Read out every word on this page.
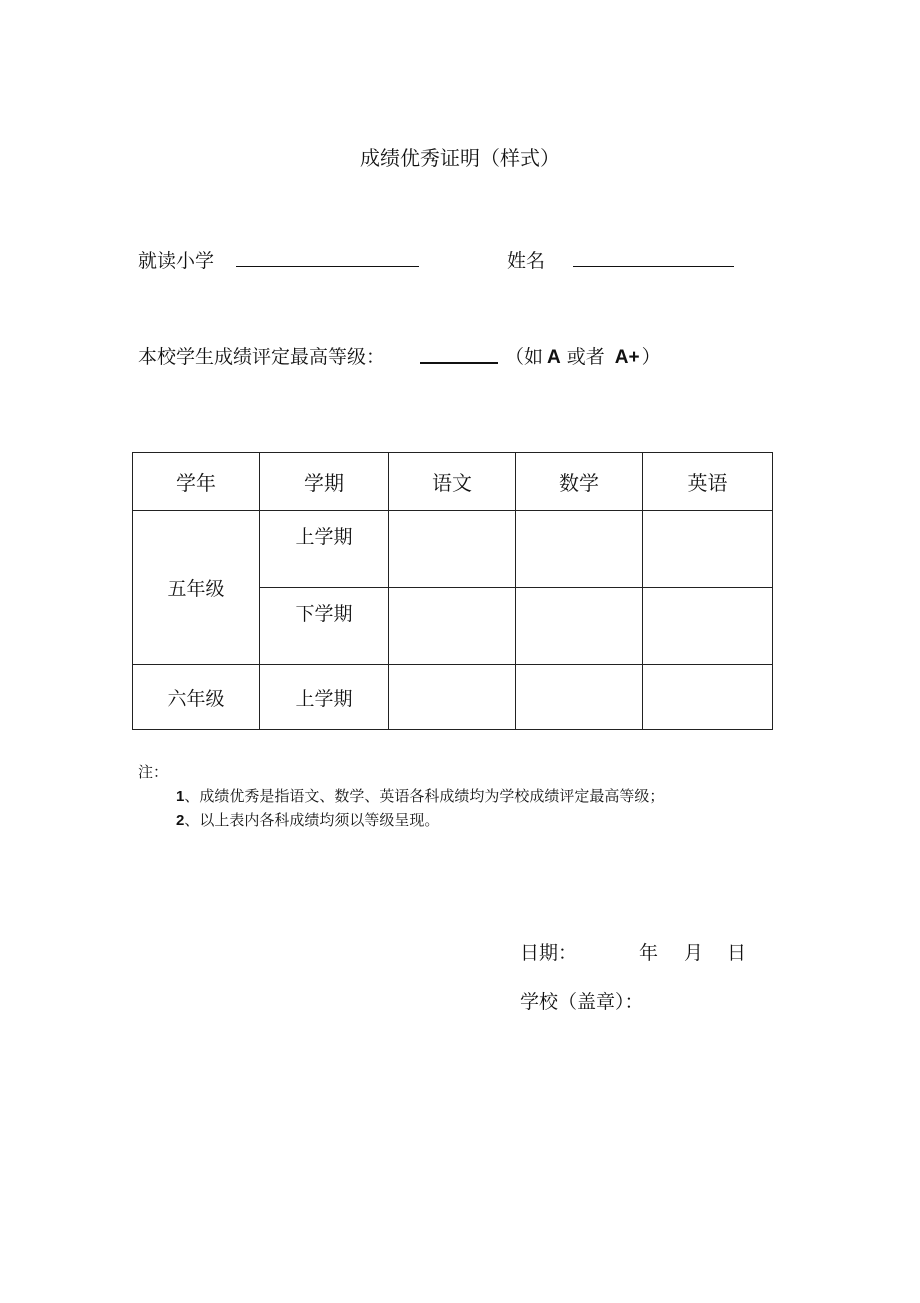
成绩优秀证明（样式）
就读小学	姓名
本校学生成绩评定最高等级：	（如 A 或者 A+ ）
学年	学期	语文	数学	英语
五年级	上学期			
	下学期			
六年级	上学期			
注：
1、成绩优秀是指语文、数学、英语各科成绩均为学校成绩评定最高等级；
2、以上表内各科成绩均须以等级呈现。
日期：	年 月 日
学校（盖章）：
